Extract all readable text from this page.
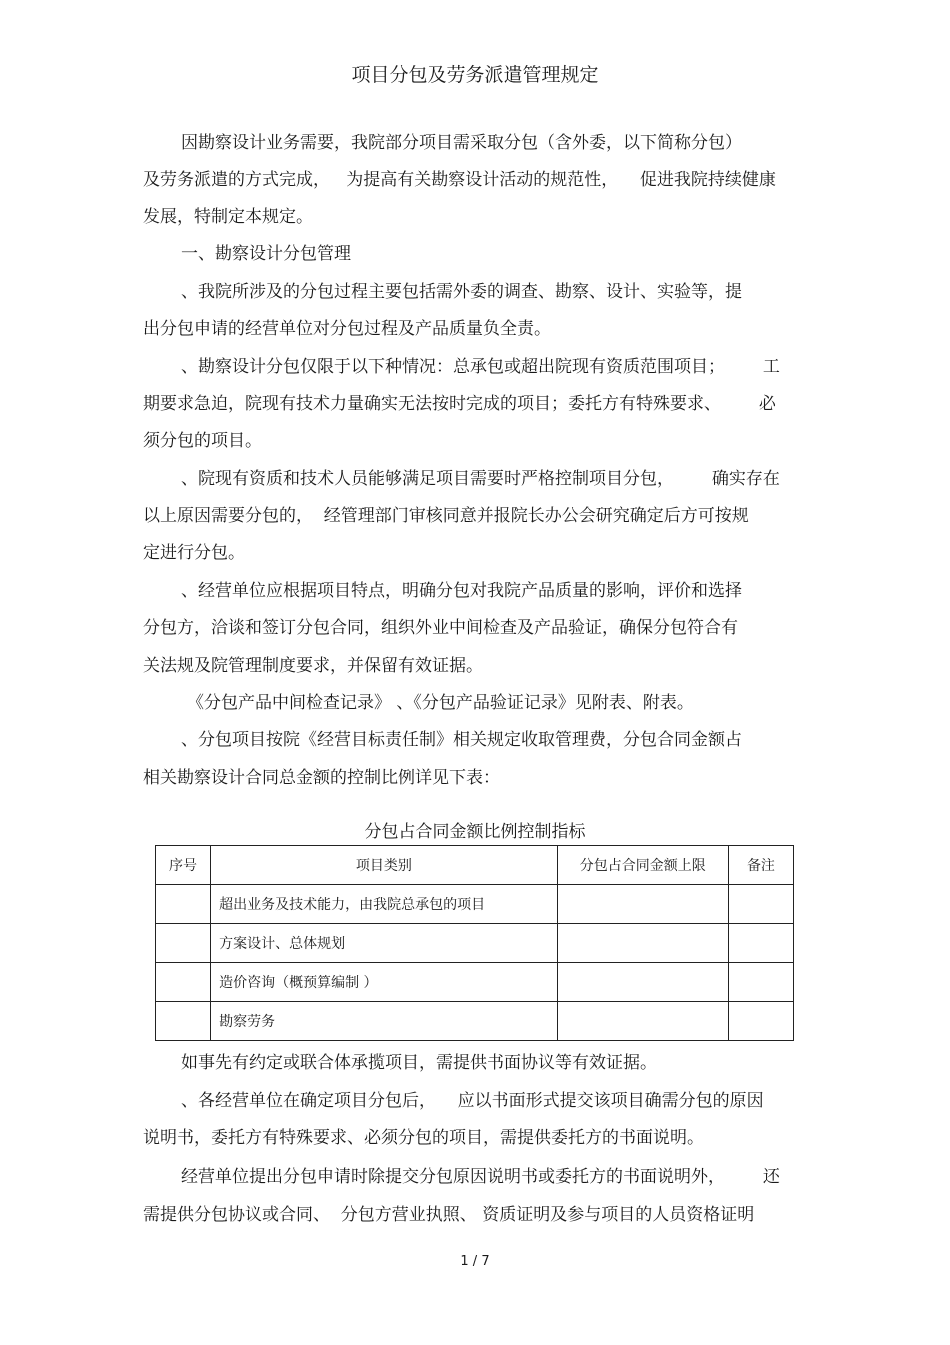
项目分包及劳务派遣管理规定
因勘察设计业务需要，我院部分项目需采取分包（含外委，以下简称分包）
及劳务派遣的方式完成，   为提高有关勘察设计活动的规范性，    促进我院持续健康
发展，特制定本规定。
一、勘察设计分包管理
、我院所涉及的分包过程主要包括需外委的调查、勘察、设计、实验等，提
出分包申请的经营单位对分包过程及产品质量负全责。
、勘察设计分包仅限于以下种情况：总承包或超出院现有资质范围项目；       工
期要求急迫，院现有技术力量确实无法按时完成的项目；委托方有特殊要求、       必
须分包的项目。
、院现有资质和技术人员能够满足项目需要时严格控制项目分包，       确实存在
以上原因需要分包的，  经管理部门审核同意并报院长办公会研究确定后方可按规
定进行分包。
、经营单位应根据项目特点，明确分包对我院产品质量的影响，评价和选择
分包方，洽谈和签订分包合同，组织外业中间检查及产品验证，确保分包符合有
关法规及院管理制度要求，并保留有效证据。
《分包产品中间检查记录》 、《分包产品验证记录》见附表、附表。
、分包项目按院《经营目标责任制》相关规定收取管理费，分包合同金额占
相关勘察设计合同总金额的控制比例详见下表：
分包占合同金额比例控制指标
序号	项目类别	分包占合同金额上限	备注
	超出业务及技术能力，由我院总承包的项目		
	方案设计、总体规划		
	造价咨询（概预算编制 ）		
	勘察劳务		
如事先有约定或联合体承揽项目，需提供书面协议等有效证据。
、各经营单位在确定项目分包后，    应以书面形式提交该项目确需分包的原因
说明书，委托方有特殊要求、必须分包的项目，需提供委托方的书面说明。
经营单位提出分包申请时除提交分包原因说明书或委托方的书面说明外，       还
需提供分包协议或合同、  分包方营业执照、 资质证明及参与项目的人员资格证明
1 / 7
